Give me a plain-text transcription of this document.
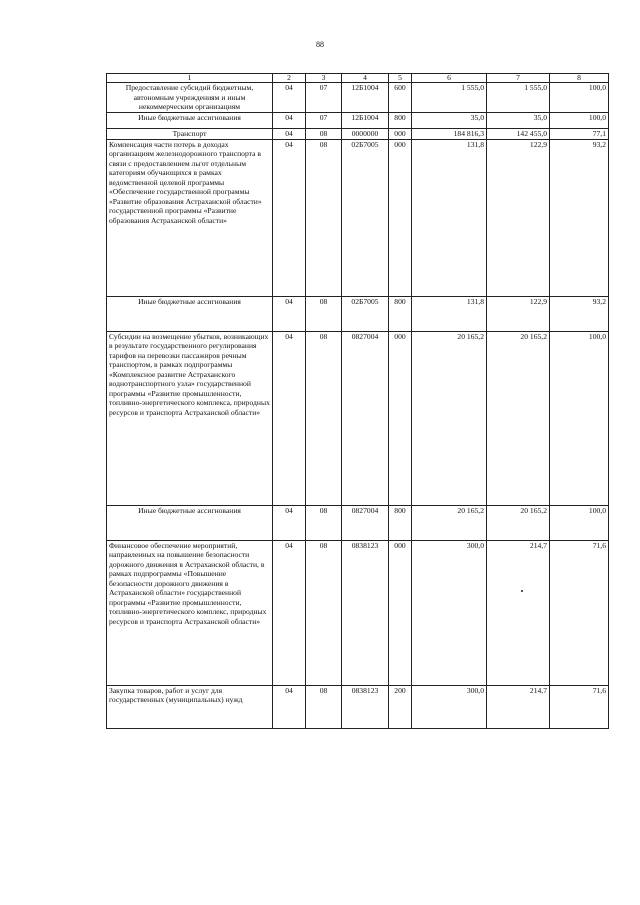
88
1	2	3	4	5	6	7	8
Предоставление субсидий бюджетным, автономным учреждениям и иным некоммерческим организациям	04	07	12Б1004	600	1 555,0	1 555,0	100,0
Иные бюджетные ассигнования	04	07	12Б1004	800	35,0	35,0	100,0
Транспорт	04	08	0000000	000	184 816,3	142 455,0	77,1
Компенсация части потерь в доходах организациям железнодорожного транспорта в связи с предоставлением льгот отдельным категориям обучающихся в рамках ведомственной целевой программы «Обеспечение государственной программы «Развитие образования Астраханской области» государственной программы «Развитие образования Астраханской области»	04	08	02Б7005	000	131,8	122,9	93,2
Иные бюджетные ассигнования	04	08	02Б7005	800	131,8	122,9	93,2
Субсидии на возмещение убытков, возникающих в результате государственного регулирования тарифов на перевозки пассажиров речным транспортом, в рамках подпрограммы «Комплексное развитие Астраханского воднотранспортного узла» государственной программы «Развитие промышленности, топливно-энергетического комплекса, природных ресурсов и транспорта Астраханской области»	04	08	0827004	000	20 165,2	20 165,2	100,0
Иные бюджетные ассигнования	04	08	0827004	800	20 165,2	20 165,2	100,0
Финансовое обеспечение мероприятий, направленных на повышение безопасности дорожного движения в Астраханской области, в рамках подпрограммы «Повышение безопасности дорожного движения в Астраханской области» государственной программы «Развитие промышленности, топливно-энергетического комплекс, природных ресурсов и транспорта Астраханской области»	04	08	0838123	000	300,0	214,7	71,6
Закупка товаров, работ и услуг для государственных (муниципальных) нужд	04	08	0838123	200	300,0	214,7	71,6
